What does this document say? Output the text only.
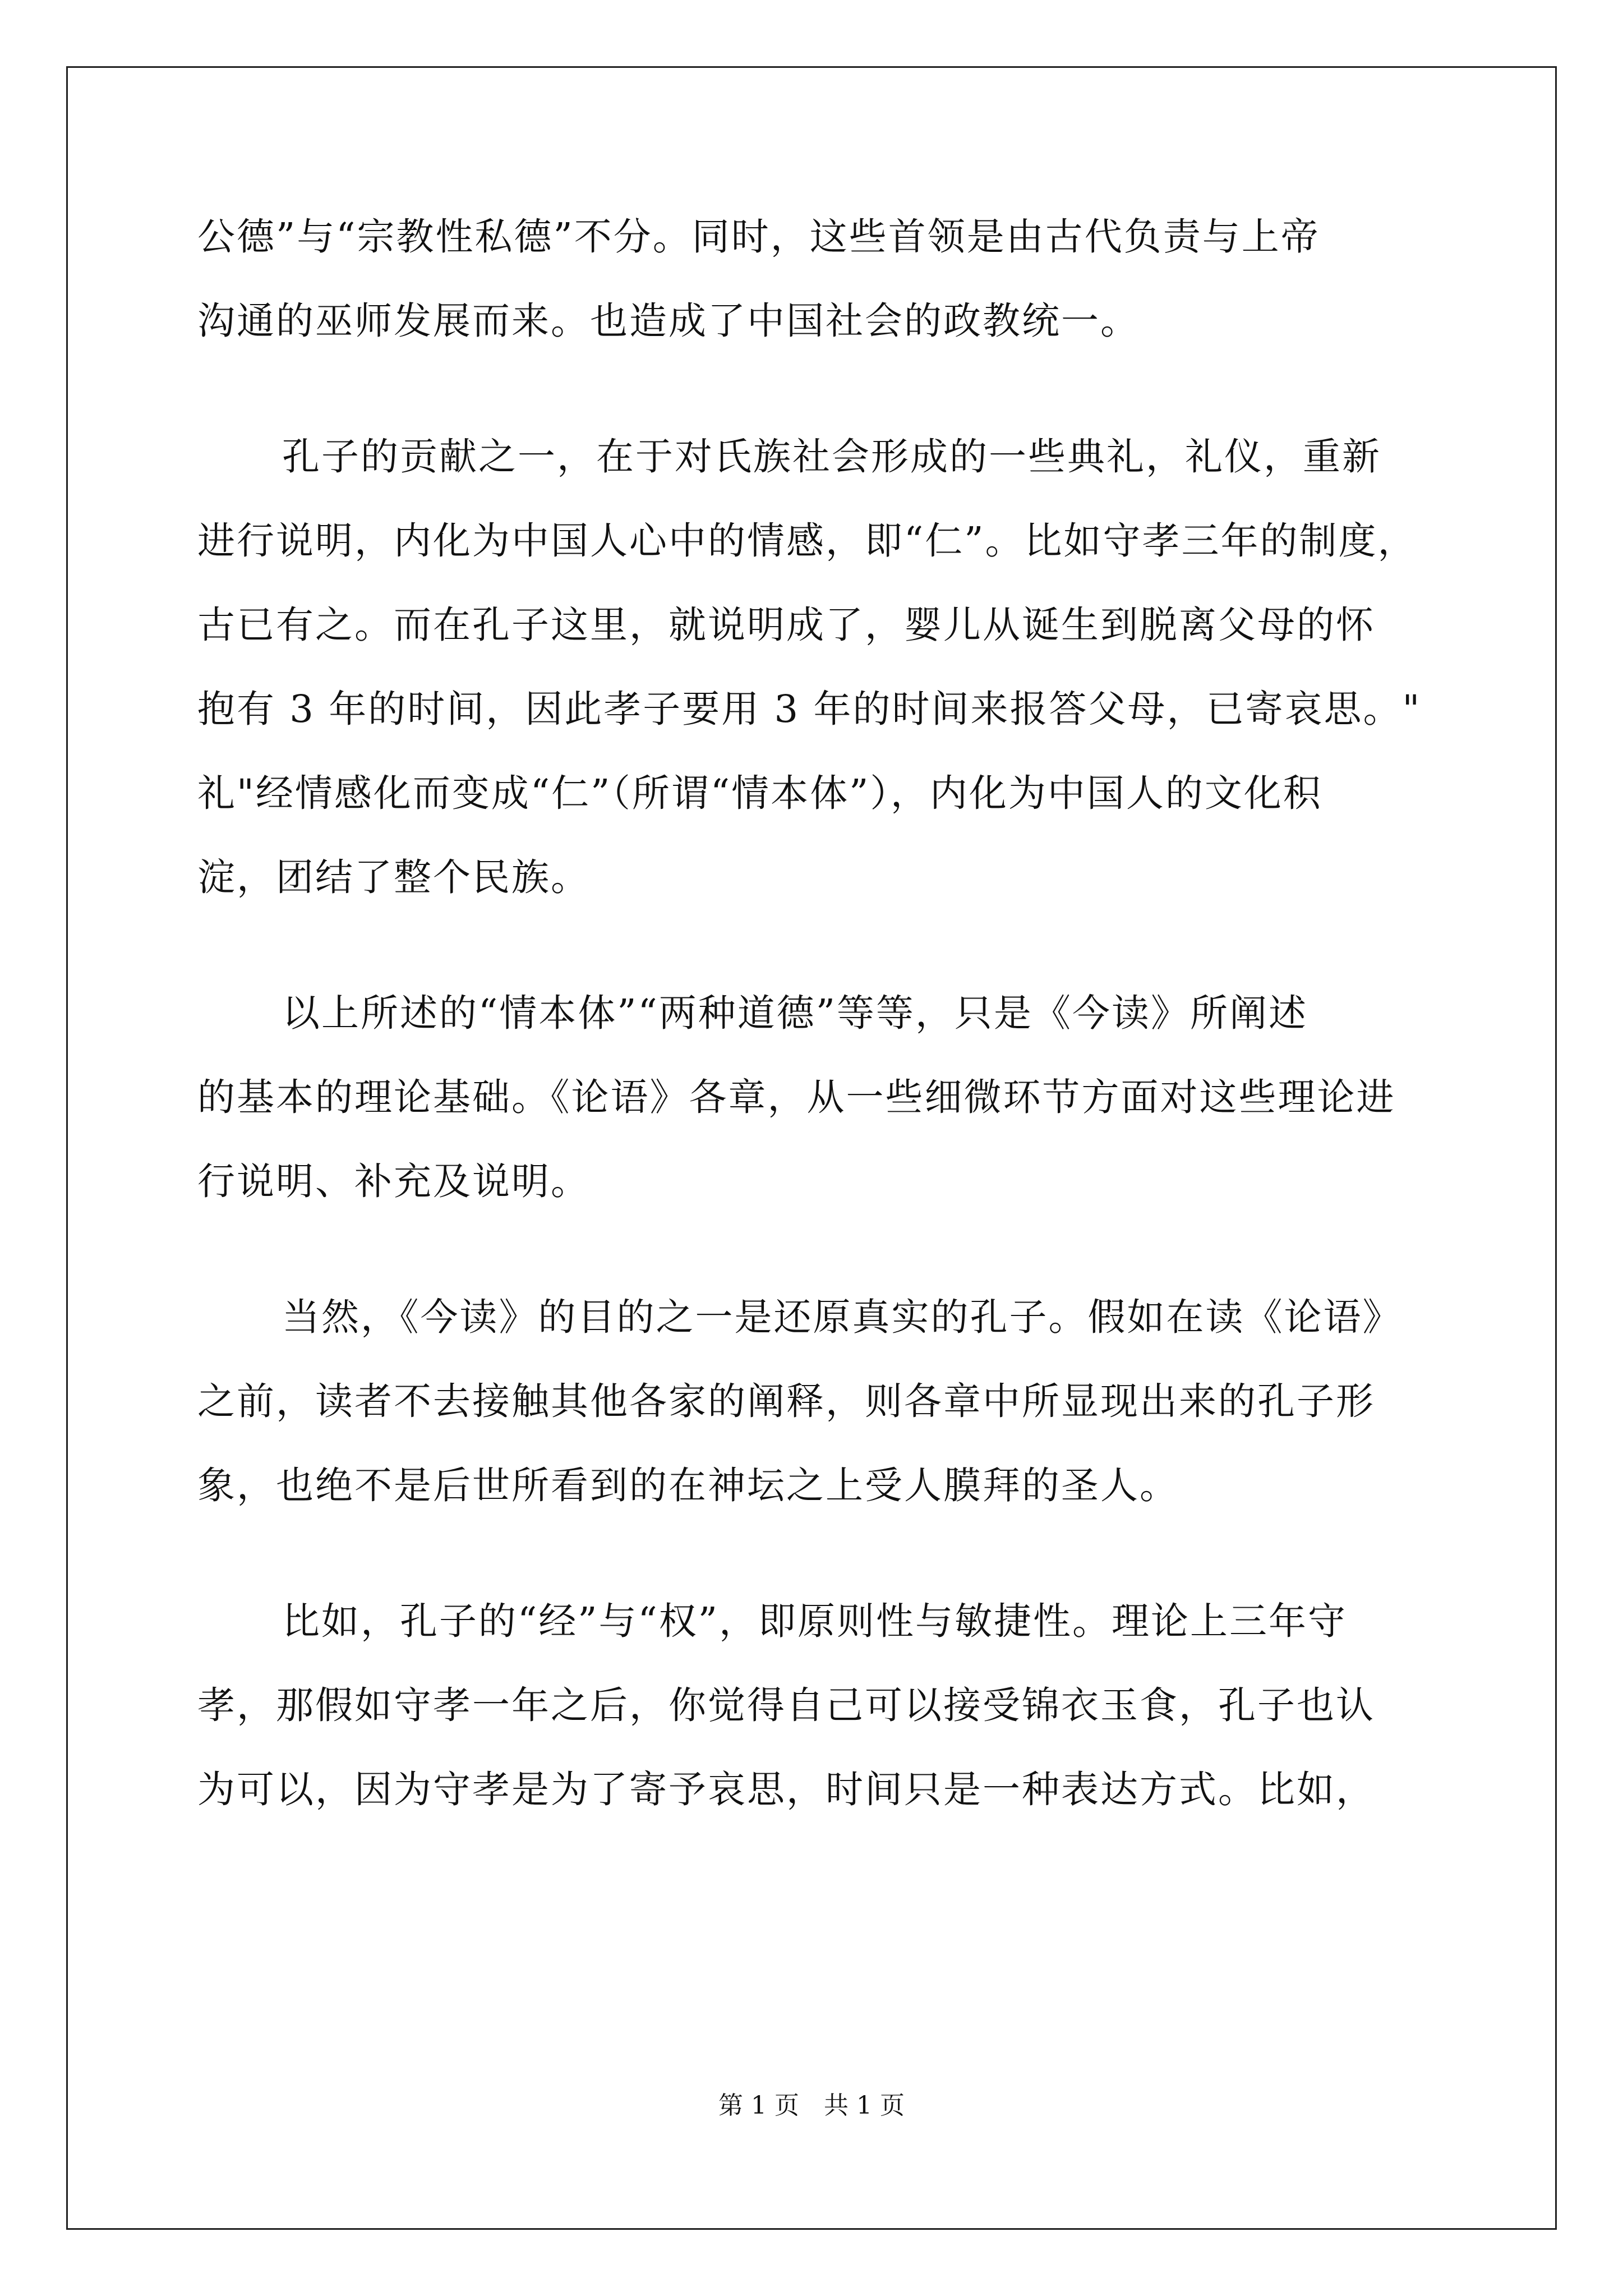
公德”与“宗教性私德”不分。同时，这些首领是由古代负责与上帝
沟通的巫师发展而来。也造成了中国社会的政教统一。
孔子的贡献之一，在于对氏族社会形成的一些典礼，礼仪，重新
进行说明，内化为中国人心中的情感，即“仁”。比如守孝三年的制度，
古已有之。而在孔子这里，就说明成了，婴儿从诞生到脱离父母的怀
抱有 3 年的时间，因此孝子要用 3 年的时间来报答父母，已寄哀思。"
礼"经情感化而变成“仁”（所谓“情本体”），内化为中国人的文化积
淀，团结了整个民族。
以上所述的“情本体”“两种道德”等等，只是《今读》所阐述
的基本的理论基础。《论语》各章，从一些细微环节方面对这些理论进
行说明、补充及说明。
当然，《今读》的目的之一是还原真实的孔子。假如在读《论语》
之前，读者不去接触其他各家的阐释，则各章中所显现出来的孔子形
象，也绝不是后世所看到的在神坛之上受人膜拜的圣人。
比如，孔子的“经”与“权”，即原则性与敏捷性。理论上三年守
孝，那假如守孝一年之后，你觉得自己可以接受锦衣玉食，孔子也认
为可以，因为守孝是为了寄予哀思，时间只是一种表达方式。比如，
第 1 页　共 1 页
